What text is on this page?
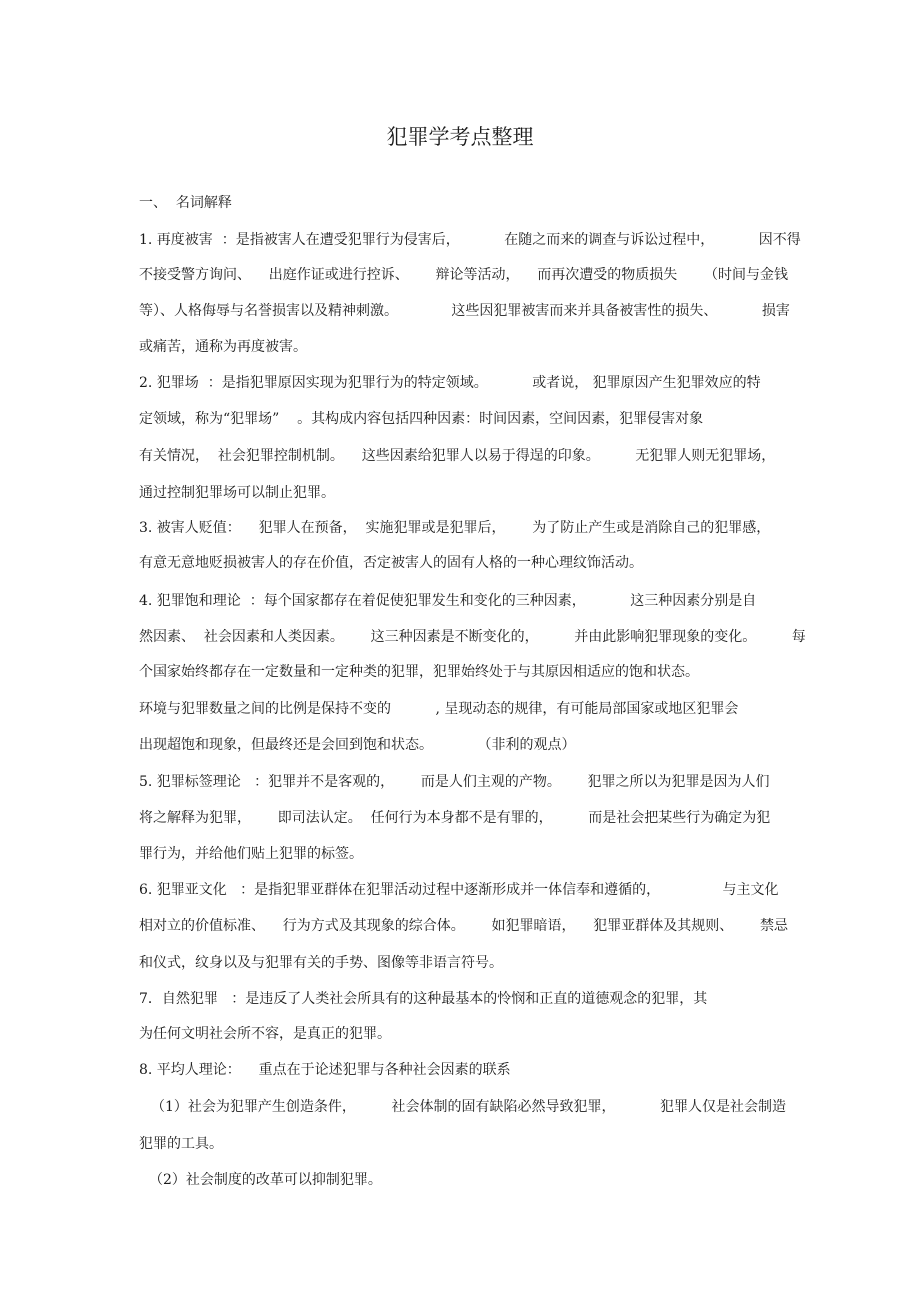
犯罪学考点整理
一、  名词解释
1. 再度被害  ：是指被害人在遭受犯罪行为侵害后，          在随之而来的调查与诉讼过程中，          因不得
不接受警方询问、    出庭作证或进行控诉、      辩论等活动，    而再次遭受的物质损失      （时间与金钱
等）、人格侮辱与名誉损害以及精神刺激。            这些因犯罪被害而来并具备被害性的损失、          损害
或痛苦，通称为再度被害。
2. 犯罪场  ：是指犯罪原因实现为犯罪行为的特定领域。          或者说， 犯罪原因产生犯罪效应的特
定领域，称为“犯罪场”    。其构成内容包括四种因素：时间因素，空间因素，犯罪侵害对象
有关情况，  社会犯罪控制机制。    这些因素给犯罪人以易于得逞的印象。        无犯罪人则无犯罪场，
通过控制犯罪场可以制止犯罪。
3. 被害人贬值：    犯罪人在预备，  实施犯罪或是犯罪后，      为了防止产生或是消除自己的犯罪感，
有意无意地贬损被害人的存在价值，否定被害人的固有人格的一种心理纹饰活动。
4. 犯罪饱和理论  ：每个国家都存在着促使犯罪发生和变化的三种因素，          这三种因素分别是自
然因素、  社会因素和人类因素。      这三种因素是不断变化的，        并由此影响犯罪现象的变化。        每
个国家始终都存在一定数量和一定种类的犯罪，犯罪始终处于与其原因相适应的饱和状态。
环境与犯罪数量之间的比例是保持不变的          , 呈现动态的规律，有可能局部国家或地区犯罪会
出现超饱和现象，但最终还是会回到饱和状态。          （非利的观点）
5. 犯罪标签理论   ：犯罪并不是客观的，      而是人们主观的产物。      犯罪之所以为犯罪是因为人们
将之解释为犯罪，      即司法认定。  任何行为本身都不是有罪的，        而是社会把某些行为确定为犯
罪行为，并给他们贴上犯罪的标签。
6. 犯罪亚文化   ：是指犯罪亚群体在犯罪活动过程中逐渐形成并一体信奉和遵循的，              与主文化
相对立的价值标准、    行为方式及其现象的综合体。      如犯罪暗语，    犯罪亚群体及其规则、      禁忌
和仪式，纹身以及与犯罪有关的手势、图像等非语言符号。
7．自然犯罪   ：是违反了人类社会所具有的这种最基本的怜悯和正直的道德观念的犯罪，其
为任何文明社会所不容，是真正的犯罪。
8. 平均人理论：    重点在于论述犯罪与各种社会因素的联系
（1）社会为犯罪产生创造条件，        社会体制的固有缺陷必然导致犯罪，          犯罪人仅是社会制造
犯罪的工具。
（2）社会制度的改革可以抑制犯罪。
